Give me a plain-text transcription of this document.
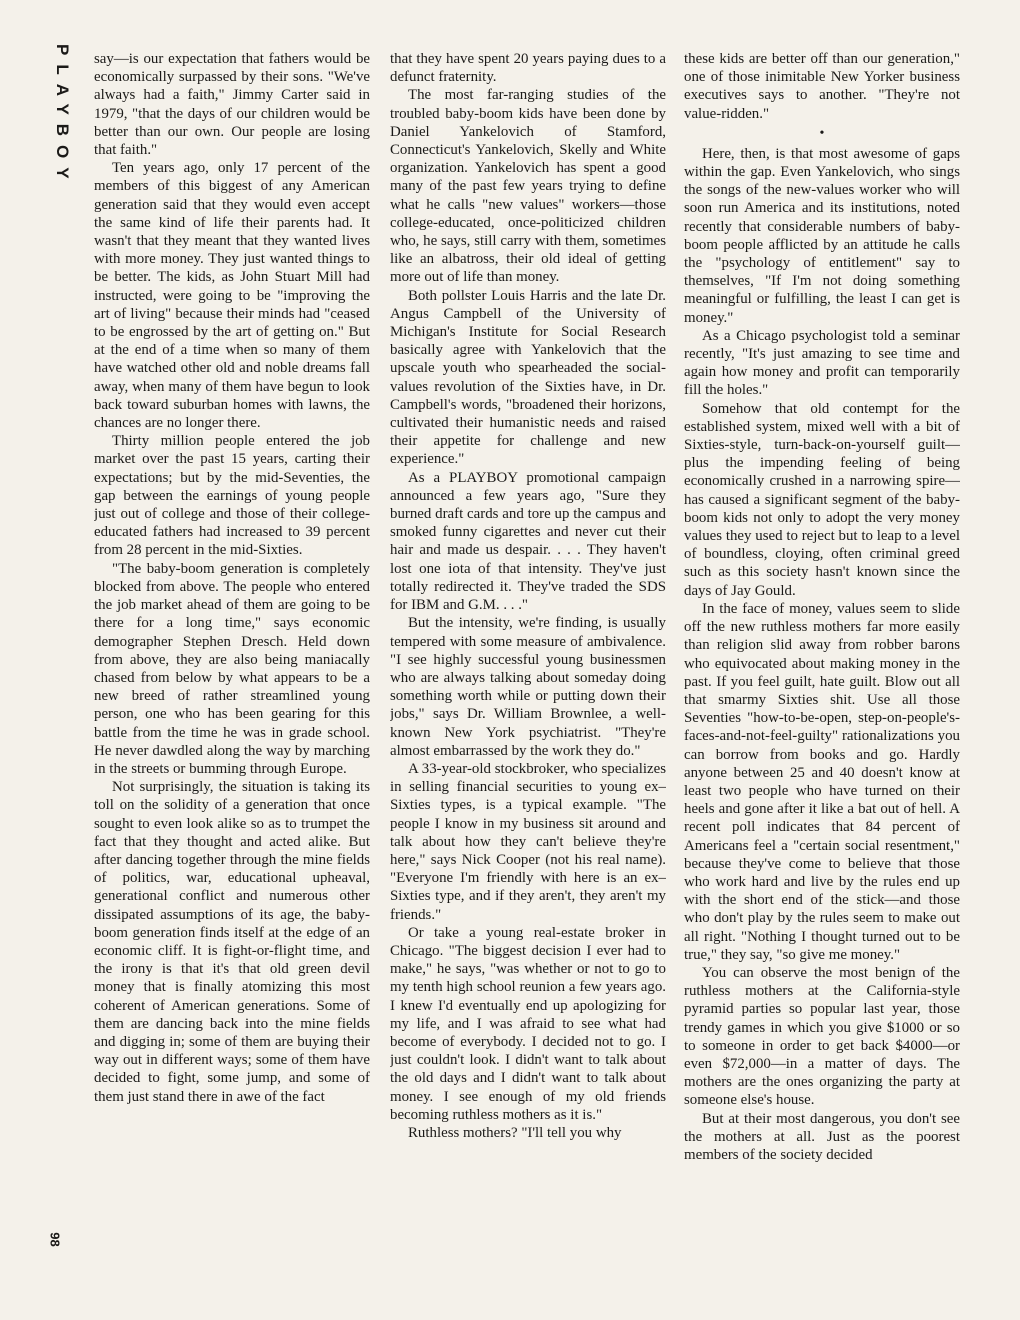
PLAYBOY say—is our expectation that fathers would be economically surpassed by their sons. "We've always had a faith," Jimmy Carter said in 1979, "that the days of our children would be better than our own. Our people are losing that faith."

Ten years ago, only 17 percent of the members of this biggest of any American generation said that they would even accept the same kind of life their parents had. It wasn't that they meant that they wanted lives with more money. They just wanted things to be better. The kids, as John Stuart Mill had instructed, were going to be "improving the art of living" because their minds had "ceased to be engrossed by the art of getting on." But at the end of a time when so many of them have watched other old and noble dreams fall away, when many of them have begun to look back toward suburban homes with lawns, the chances are no longer there.

Thirty million people entered the job market over the past 15 years, carting their expectations; but by the mid-Seventies, the gap between the earnings of young people just out of college and those of their college-educated fathers had increased to 39 percent from 28 percent in the mid-Sixties.

"The baby-boom generation is completely blocked from above. The people who entered the job market ahead of them are going to be there for a long time," says economic demographer Stephen Dresch. Held down from above, they are also being maniacally chased from below by what appears to be a new breed of rather streamlined young person, one who has been gearing for this battle from the time he was in grade school. He never dawdled along the way by marching in the streets or bumming through Europe.

Not surprisingly, the situation is taking its toll on the solidity of a generation that once sought to even look alike so as to trumpet the fact that they thought and acted alike. But after dancing together through the mine fields of politics, war, educational upheaval, generational conflict and numerous other dissipated assumptions of its age, the baby-boom generation finds itself at the edge of an economic cliff. It is fight-or-flight time, and the irony is that it's that old green devil money that is finally atomizing this most coherent of American generations. Some of them are dancing back into the mine fields and digging in; some of them are buying their way out in different ways; some of them have decided to fight, some jump, and some of them just stand there in awe of the fact

that they have spent 20 years paying dues to a defunct fraternity.

The most far-ranging studies of the troubled baby-boom kids have been done by Daniel Yankelovich of Stamford, Connecticut's Yankelovich, Skelly and White organization. Yankelovich has spent a good many of the past few years trying to define what he calls "new values" workers—those college-educated, once-politicized children who, he says, still carry with them, sometimes like an albatross, their old ideal of getting more out of life than money.

Both pollster Louis Harris and the late Dr. Angus Campbell of the University of Michigan's Institute for Social Research basically agree with Yankelovich that the upscale youth who spearheaded the social-values revolution of the Sixties have, in Dr. Campbell's words, "broadened their horizons, cultivated their humanistic needs and raised their appetite for challenge and new experience."

As a PLAYBOY promotional campaign announced a few years ago, "Sure they burned draft cards and tore up the campus and smoked funny cigarettes and never cut their hair and made us despair. . . . They haven't lost one iota of that intensity. They've just totally redirected it. They've traded the SDS for IBM and G.M. . . ."

But the intensity, we're finding, is usually tempered with some measure of ambivalence. "I see highly successful young businessmen who are always talking about someday doing something worth while or putting down their jobs," says Dr. William Brownlee, a well-known New York psychiatrist. "They're almost embarrassed by the work they do."

A 33-year-old stockbroker, who specializes in selling financial securities to young ex–Sixties types, is a typical example. "The people I know in my business sit around and talk about how they can't believe they're here," says Nick Cooper (not his real name). "Everyone I'm friendly with here is an ex–Sixties type, and if they aren't, they aren't my friends."

Or take a young real-estate broker in Chicago. "The biggest decision I ever had to make," he says, "was whether or not to go to my tenth high school reunion a few years ago. I knew I'd eventually end up apologizing for my life, and I was afraid to see what had become of everybody. I decided not to go. I just couldn't look. I didn't want to talk about the old days and I didn't want to talk about money. I see enough of my old friends becoming ruthless mothers as it is."

Ruthless mothers? "I'll tell you why

these kids are better off than our generation," one of those inimitable New Yorker business executives says to another. "They're not value-ridden."

•

Here, then, is that most awesome of gaps within the gap. Even Yankelovich, who sings the songs of the new-values worker who will soon run America and its institutions, noted recently that considerable numbers of baby-boom people afflicted by an attitude he calls the "psychology of entitlement" say to themselves, "If I'm not doing something meaningful or fulfilling, the least I can get is money."

As a Chicago psychologist told a seminar recently, "It's just amazing to see time and again how money and profit can temporarily fill the holes."

Somehow that old contempt for the established system, mixed well with a bit of Sixties-style, turn-back-on-yourself guilt—plus the impending feeling of being economically crushed in a narrowing spire—has caused a significant segment of the baby-boom kids not only to adopt the very money values they used to reject but to leap to a level of boundless, cloying, often criminal greed such as this society hasn't known since the days of Jay Gould.

In the face of money, values seem to slide off the new ruthless mothers far more easily than religion slid away from robber barons who equivocated about making money in the past. If you feel guilt, hate guilt. Blow out all that smarmy Sixties shit. Use all those Seventies "how-to-be-open, step-on-people's-faces-and-not-feel-guilty" rationalizations you can borrow from books and go. Hardly anyone between 25 and 40 doesn't know at least two people who have turned on their heels and gone after it like a bat out of hell. A recent poll indicates that 84 percent of Americans feel a "certain social resentment," because they've come to believe that those who work hard and live by the rules end up with the short end of the stick—and those who don't play by the rules seem to make out all right. "Nothing I thought turned out to be true," they say, "so give me money."

You can observe the most benign of the ruthless mothers at the California-style pyramid parties so popular last year, those trendy games in which you give $1000 or so to someone in order to get back $4000—or even $72,000—in a matter of days. The mothers are the ones organizing the party at someone else's house.

But at their most dangerous, you don't see the mothers at all. Just as the poorest members of the society decided

98
